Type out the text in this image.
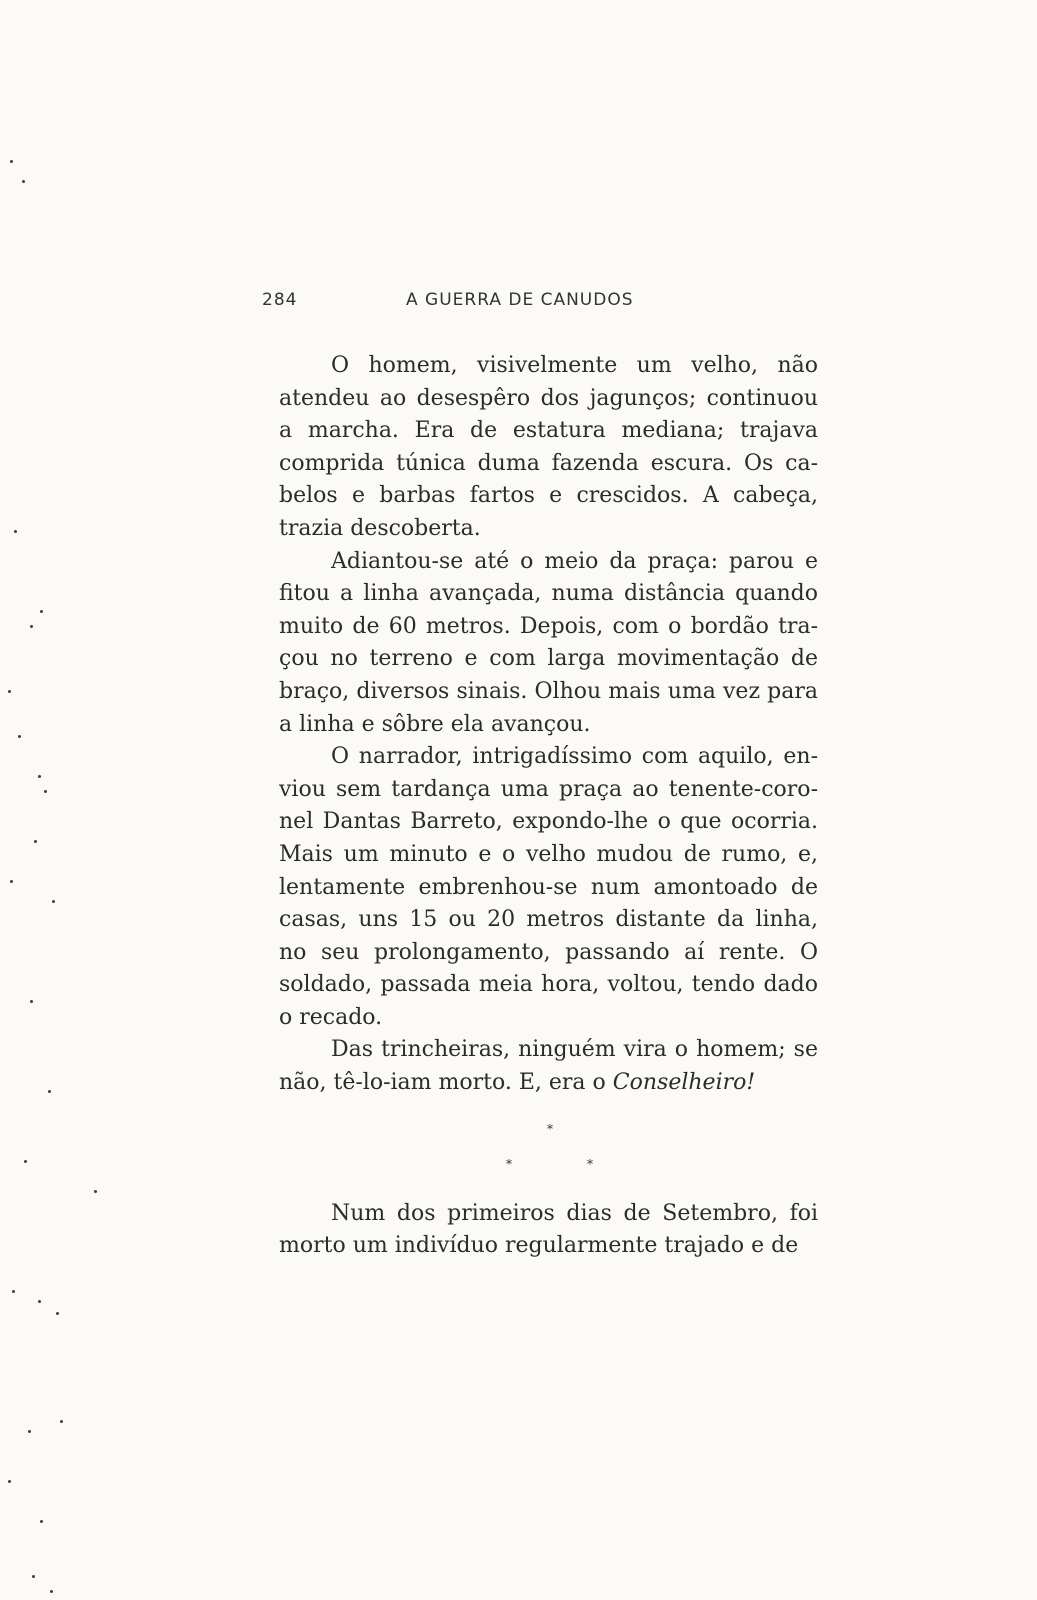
284	A GUERRA DE CANUDOS

O homem, visivelmente um velho, não atendeu ao desespêro dos jagunços; continuou a marcha. Era de estatura mediana; trajava comprida túnica duma fazenda escura. Os cabelos e barbas fartos e crescidos. A cabeça, trazia descoberta.

Adiantou-se até o meio da praça: parou e fitou a linha avançada, numa distância quando muito de 60 metros. Depois, com o bordão traçou no terreno e com larga movimentação de braço, diversos sinais. Olhou mais uma vez para a linha e sôbre ela avançou.

O narrador, intrigadíssimo com aquilo, enviou sem tardança uma praça ao tenente-coronel Dantas Barreto, expondo-lhe o que ocorria. Mais um minuto e o velho mudou de rumo, e, lentamente embrenhou-se num amontoado de casas, uns 15 ou 20 metros distante da linha, no seu prolongamento, passando aí rente. O soldado, passada meia hora, voltou, tendo dado o recado.

Das trincheiras, ninguém vira o homem; se não, tê-lo-iam morto. E, era o Conselheiro!

*
*	*

Num dos primeiros dias de Setembro, foi morto um indivíduo regularmente trajado e de
